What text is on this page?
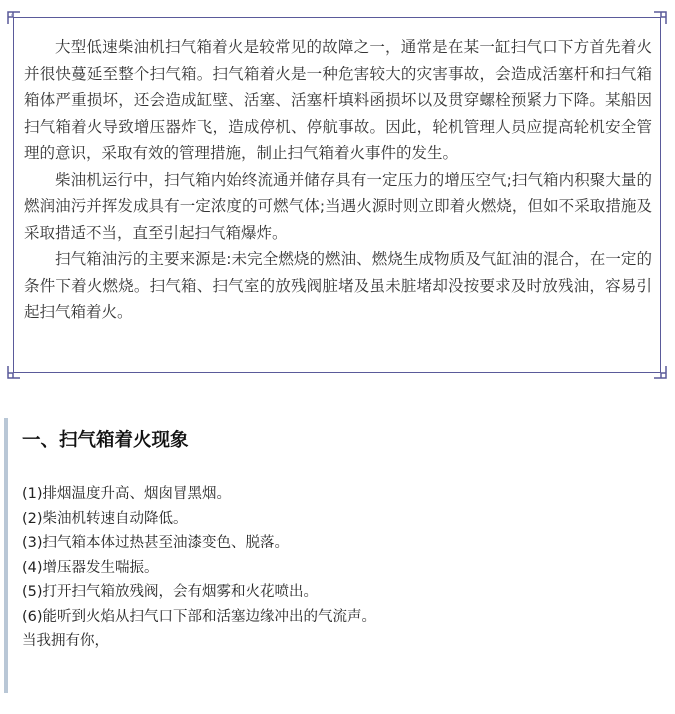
大型低速柴油机扫气箱着火是较常见的故障之一，通常是在某一缸扫气口下方首先着火并很快蔓延至整个扫气箱。扫气箱着火是一种危害较大的灾害事故，会造成活塞杆和扫气箱箱体严重损坏，还会造成缸壁、活塞、活塞杆填料函损坏以及贯穿螺栓预紧力下降。某船因扫气箱着火导致增压器炸飞，造成停机、停航事故。因此，轮机管理人员应提高轮机安全管理的意识，采取有效的管理措施，制止扫气箱着火事件的发生。

柴油机运行中，扫气箱内始终流通并储存具有一定压力的增压空气;扫气箱内积聚大量的燃润油污并挥发成具有一定浓度的可燃气体;当遇火源时则立即着火燃烧，但如不采取措施及采取措适不当，直至引起扫气箱爆炸。

扫气箱油污的主要来源是:未完全燃烧的燃油、燃烧生成物质及气缸油的混合，在一定的条件下着火燃烧。扫气箱、扫气室的放残阀脏堵及虽未脏堵却没按要求及时放残油，容易引起扫气箱着火。

一、扫气箱着火现象
(1)排烟温度升高、烟囱冒黑烟。
(2)柴油机转速自动降低。
(3)扫气箱本体过热甚至油漆变色、脱落。
(4)增压器发生喘振。
(5)打开扫气箱放残阀，会有烟雾和火花喷出。
(6)能听到火焰从扫气口下部和活塞边缘冲出的气流声。
当我拥有你，
